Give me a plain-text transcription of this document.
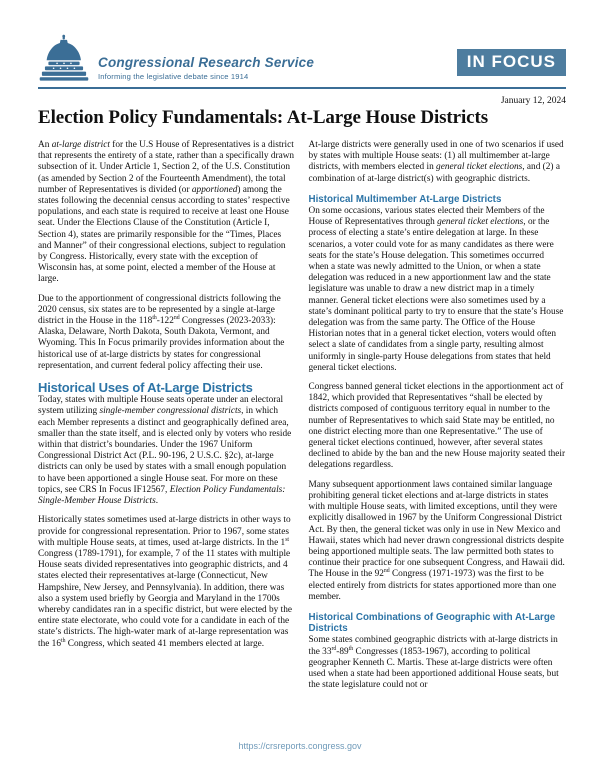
Congressional Research Service
Informing the legislative debate since 1914
IN FOCUS
January 12, 2024
Election Policy Fundamentals: At-Large House Districts

An at-large district for the U.S House of Representatives is a district that represents the entirety of a state, rather than a specifically drawn subsection of it. Under Article 1, Section 2, of the U.S. Constitution (as amended by Section 2 of the Fourteenth Amendment), the total number of Representatives is divided (or apportioned) among the states following the decennial census according to states’ respective populations, and each state is required to receive at least one House seat. Under the Elections Clause of the Constitution (Article I, Section 4), states are primarily responsible for the “Times, Places and Manner” of their congressional elections, subject to regulation by Congress. Historically, every state with the exception of Wisconsin has, at some point, elected a member of the House at large.

Due to the apportionment of congressional districts following the 2020 census, six states are to be represented by a single at-large district in the House in the 118th-122nd Congresses (2023-2033): Alaska, Delaware, North Dakota, South Dakota, Vermont, and Wyoming. This In Focus primarily provides information about the historical use of at-large districts by states for congressional representation, and current federal policy affecting their use.

Historical Uses of At-Large Districts

Today, states with multiple House seats operate under an electoral system utilizing single-member congressional districts, in which each Member represents a distinct and geographically defined area, smaller than the state itself, and is elected only by voters who reside within that district’s boundaries. Under the 1967 Uniform Congressional District Act (P.L. 90-196, 2 U.S.C. §2c), at-large districts can only be used by states with a small enough population to have been apportioned a single House seat. For more on these topics, see CRS In Focus IF12567, Election Policy Fundamentals: Single-Member House Districts.

Historically states sometimes used at-large districts in other ways to provide for congressional representation. Prior to 1967, some states with multiple House seats, at times, used at-large districts. In the 1st Congress (1789-1791), for example, 7 of the 11 states with multiple House seats divided representatives into geographic districts, and 4 states elected their representatives at-large (Connecticut, New Hampshire, New Jersey, and Pennsylvania). In addition, there was also a system used briefly by Georgia and Maryland in the 1700s whereby candidates ran in a specific district, but were elected by the entire state electorate, who could vote for a candidate in each of the state’s districts. The high-water mark of at-large representation was the 16th Congress, which seated 41 members elected at large.

At-large districts were generally used in one of two scenarios if used by states with multiple House seats: (1) all multimember at-large districts, with members elected in general ticket elections, and (2) a combination of at-large district(s) with geographic districts.

Historical Multimember At-Large Districts

On some occasions, various states elected their Members of the House of Representatives through general ticket elections, or the process of electing a state’s entire delegation at large. In these scenarios, a voter could vote for as many candidates as there were seats for the state’s House delegation. This sometimes occurred when a state was newly admitted to the Union, or when a state delegation was reduced in a new apportionment law and the state legislature was unable to draw a new district map in a timely manner. General ticket elections were also sometimes used by a state’s dominant political party to try to ensure that the state’s House delegation was from the same party. The Office of the House Historian notes that in a general ticket election, voters would often select a slate of candidates from a single party, resulting almost uniformly in single-party House delegations from states that held general ticket elections.

Congress banned general ticket elections in the apportionment act of 1842, which provided that Representatives “shall be elected by districts composed of contiguous territory equal in number to the number of Representatives to which said State may be entitled, no one district electing more than one Representative.” The use of general ticket elections continued, however, after several states declined to abide by the ban and the new House majority seated their delegations regardless.

Many subsequent apportionment laws contained similar language prohibiting general ticket elections and at-large districts in states with multiple House seats, with limited exceptions, until they were explicitly disallowed in 1967 by the Uniform Congressional District Act. By then, the general ticket was only in use in New Mexico and Hawaii, states which had never drawn congressional districts despite being apportioned multiple seats. The law permitted both states to continue their practice for one subsequent Congress, and Hawaii did. The House in the 92nd Congress (1971-1973) was the first to be elected entirely from districts for states apportioned more than one member.

Historical Combinations of Geographic with At-Large Districts

Some states combined geographic districts with at-large districts in the 33rd-89th Congresses (1853-1967), according to political geographer Kenneth C. Martis. These at-large districts were often used when a state had been apportioned additional House seats, but the state legislature could not or

https://crsreports.congress.gov
